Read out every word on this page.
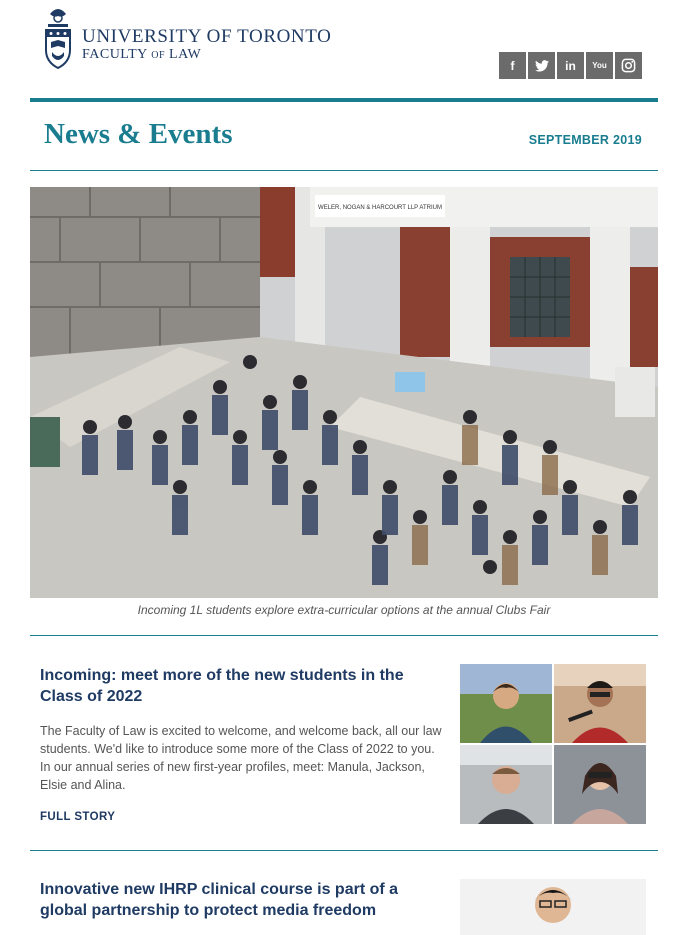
UNIVERSITY OF TORONTO
FACULTY OF LAW
f	in	You
News & Events	SEPTEMBER 2019
WELER, NOGAN & HARCOURT LLP ATRIUM
Incoming 1L students explore extra-curricular options at the annual Clubs Fair
Incoming: meet more of the new students in the Class of 2022
The Faculty of Law is excited to welcome, and welcome back, all our law students. We'd like to introduce some more of the Class of 2022 to you. In our annual series of new first-year profiles, meet: Manula, Jackson, Elsie and Alina.
FULL STORY
Innovative new IHRP clinical course is part of a global partnership to protect media freedom
